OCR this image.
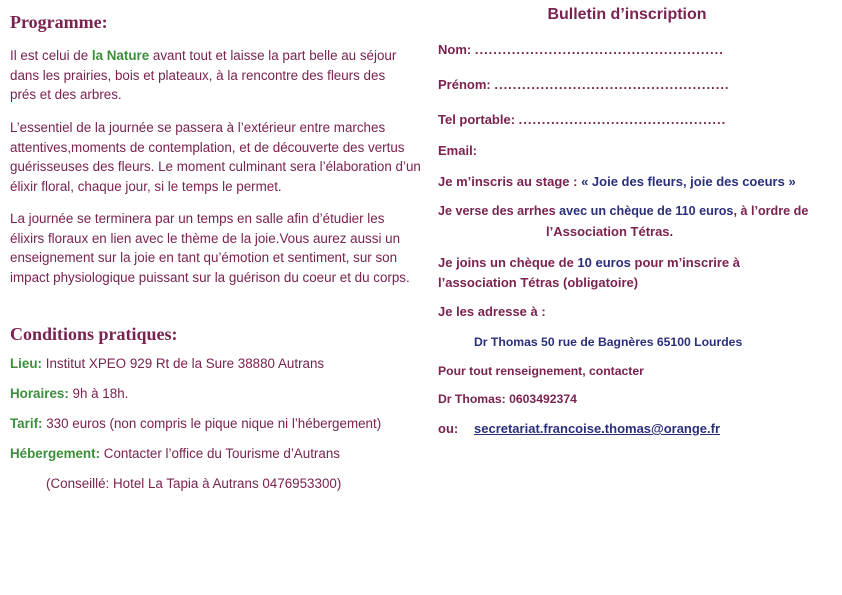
Programme:

Il est celui de la Nature avant tout et laisse la part belle au séjour dans les prairies, bois et plateaux, à la rencontre des fleurs des prés et des arbres.

L’essentiel de la journée se passera à l’extérieur entre marches attentives,moments de contemplation, et de découverte des vertus guérisseuses des fleurs. Le moment culminant sera l’élaboration d’un élixir floral, chaque jour, si le temps le permet.

La journée se terminera par un temps en salle afin d’étudier les élixirs floraux en lien avec le thème de la joie.Vous aurez aussi un enseignement sur la joie en tant qu’émotion et sentiment, sur son impact physiologique puissant sur la guérison du coeur et du corps.

Conditions pratiques:

Lieu: Institut XPEO 929 Rt de la Sure 38880 Autrans

Horaires: 9h à 18h.

Tarif: 330 euros (non compris le pique nique ni l’hébergement)

Hébergement: Contacter l’office du Tourisme d’Autrans

(Conseillé: Hotel La Tapia à Autrans 0476953300)

Bulletin d’inscription
Nom: ......................................................
Prénom: ...................................................
Tel portable: .............................................
Email:
Je m’inscris au stage : « Joie des fleurs, joie des coeurs »
Je verse des arrhes avec un chèque de 110 euros, à l’ordre de
l’Association Tétras.
Je joins un chèque de 10 euros pour m’inscrire à
l’association Tétras (obligatoire)
Je les adresse à :
Dr Thomas 50 rue de Bagnères 65100 Lourdes
Pour tout renseignement, contacter
Dr Thomas: 0603492374
ou: secretariat.francoise.thomas@orange.fr
